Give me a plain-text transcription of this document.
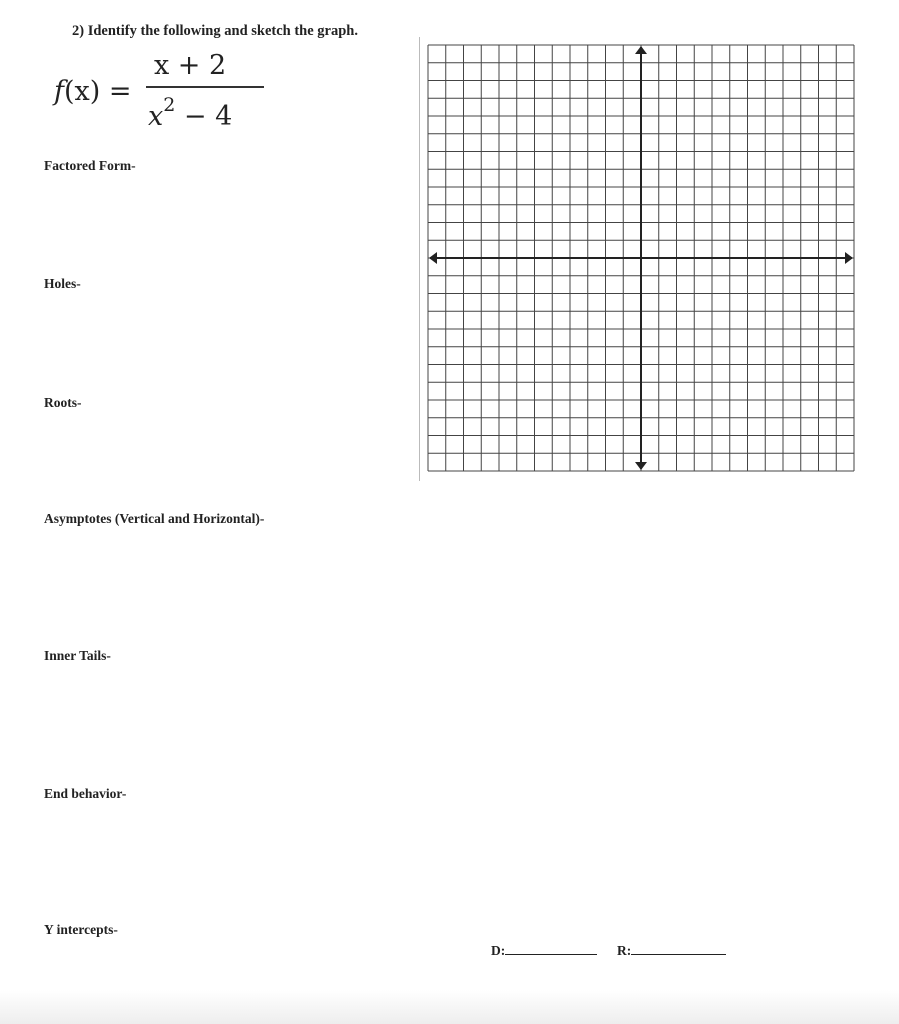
2) Identify the following and sketch the graph.
f(x) =
x + 2
$x^2 - 4$
Factored Form-
Holes-
Roots-
Asymptotes (Vertical and Horizontal)-
Inner Tails-
End behavior-
Y intercepts-
D:	R:
